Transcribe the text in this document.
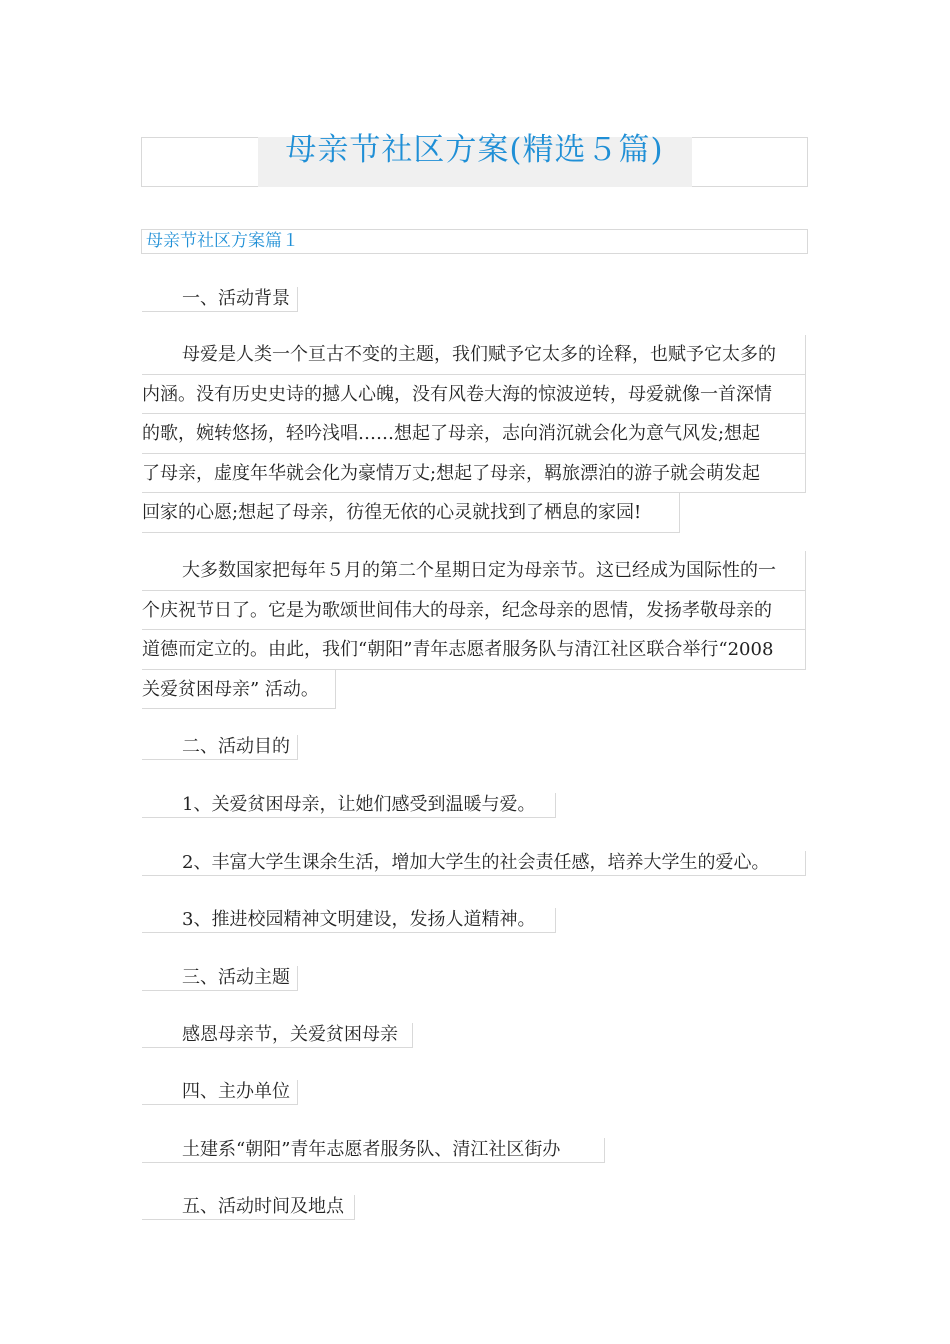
母亲节社区方案(精选５篇)
母亲节社区方案篇１
一、活动背景
母爱是人类一个亘古不变的主题，我们赋予它太多的诠释，也赋予它太多的
内涵。没有历史史诗的撼人心魄，没有风卷大海的惊波逆转，母爱就像一首深情
的歌，婉转悠扬，轻吟浅唱……想起了母亲，志向消沉就会化为意气风发;想起
了母亲，虚度年华就会化为豪情万丈;想起了母亲，羁旅漂泊的游子就会萌发起
回家的心愿;想起了母亲，彷徨无依的心灵就找到了栖息的家园!
大多数国家把每年５月的第二个星期日定为母亲节。这已经成为国际性的一
个庆祝节日了。它是为歌颂世间伟大的母亲，纪念母亲的恩情，发扬孝敬母亲的
道德而定立的。由此，我们“朝阳”青年志愿者服务队与清江社区联合举行“2008
关爱贫困母亲” 活动。
二、活动目的
1、关爱贫困母亲，让她们感受到温暖与爱。
2、丰富大学生课余生活，增加大学生的社会责任感，培养大学生的爱心。
3、推进校园精神文明建设，发扬人道精神。
三、活动主题
感恩母亲节，关爱贫困母亲
四、主办单位
土建系“朝阳”青年志愿者服务队、清江社区街办
五、活动时间及地点
